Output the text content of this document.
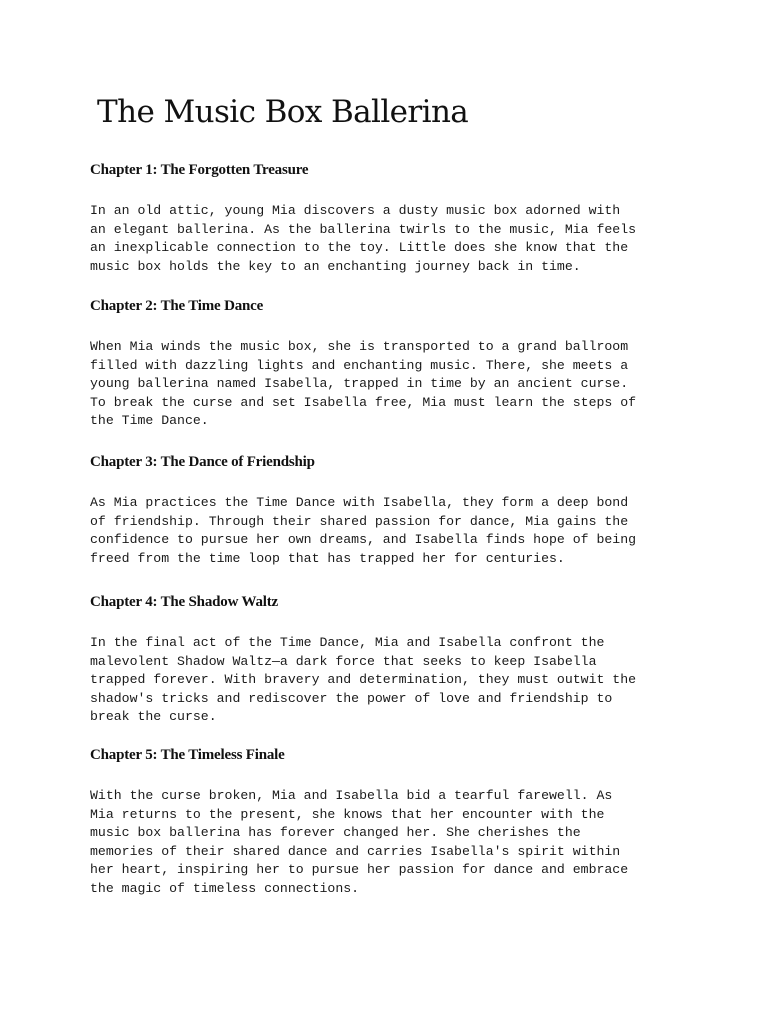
The Music Box Ballerina
Chapter 1: The Forgotten Treasure

In an old attic, young Mia discovers a dusty music box adorned with
an elegant ballerina. As the ballerina twirls to the music, Mia feels
an inexplicable connection to the toy. Little does she know that the
music box holds the key to an enchanting journey back in time.

Chapter 2: The Time Dance

When Mia winds the music box, she is transported to a grand ballroom
filled with dazzling lights and enchanting music. There, she meets a
young ballerina named Isabella, trapped in time by an ancient curse.
To break the curse and set Isabella free, Mia must learn the steps of
the Time Dance.

Chapter 3: The Dance of Friendship

As Mia practices the Time Dance with Isabella, they form a deep bond
of friendship. Through their shared passion for dance, Mia gains the
confidence to pursue her own dreams, and Isabella finds hope of being
freed from the time loop that has trapped her for centuries.

Chapter 4: The Shadow Waltz

In the final act of the Time Dance, Mia and Isabella confront the
malevolent Shadow Waltz—a dark force that seeks to keep Isabella
trapped forever. With bravery and determination, they must outwit the
shadow's tricks and rediscover the power of love and friendship to
break the curse.

Chapter 5: The Timeless Finale

With the curse broken, Mia and Isabella bid a tearful farewell. As
Mia returns to the present, she knows that her encounter with the
music box ballerina has forever changed her. She cherishes the
memories of their shared dance and carries Isabella's spirit within
her heart, inspiring her to pursue her passion for dance and embrace
the magic of timeless connections.
